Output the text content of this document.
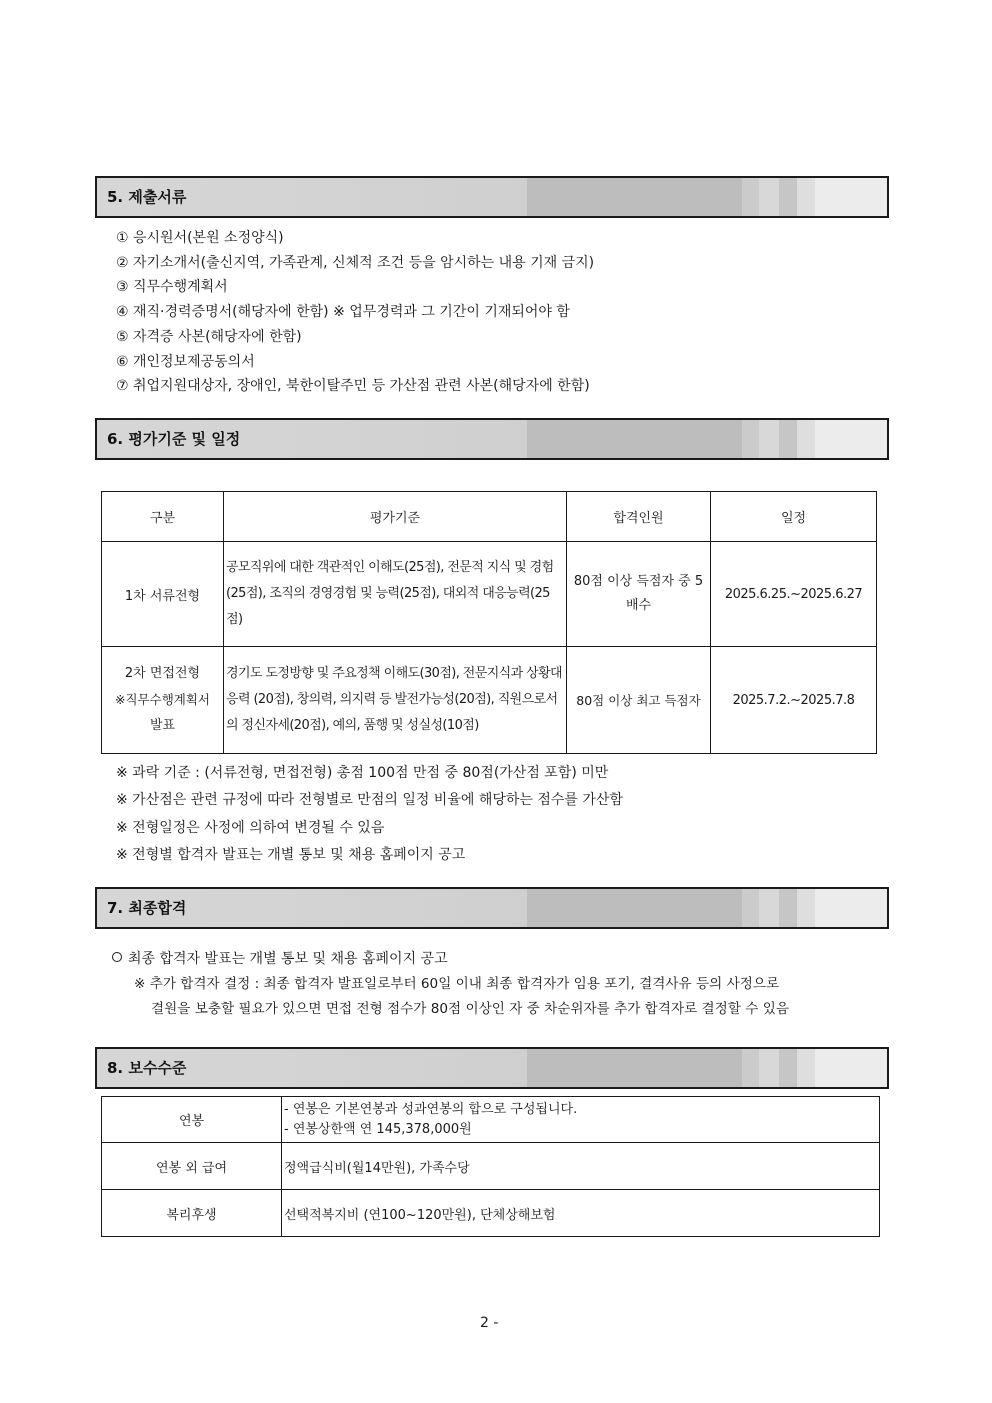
5. 제출서류
① 응시원서(본원 소정양식)
② 자기소개서(출신지역, 가족관계, 신체적 조건 등을 암시하는 내용 기재 금지)
③ 직무수행계획서
④ 재직·경력증명서(해당자에 한함) ※ 업무경력과 그 기간이 기재되어야 함
⑤ 자격증 사본(해당자에 한함)
⑥ 개인정보제공동의서
⑦ 취업지원대상자, 장애인, 북한이탈주민 등 가산점 관련 사본(해당자에 한함)
6. 평가기준 및 일정
구분	평가기준	합격인원	일정
1차 서류전형	공모직위에 대한 객관적인 이해도(25점), 전문적 지식 및 경험(25점), 조직의 경영경험 및 능력(25점), 대외적 대응능력(25점)	80점 이상 득점자 중 5배수	2025.6.25.~2025.6.27

2차 면접전형
※직무수행계획서
발표	경기도 도정방향 및 주요정책 이해도(30점), 전문지식과 상황대응력 (20점), 창의력, 의지력 등 발전가능성(20점), 직원으로서의 정신자세(20점), 예의, 품행 및 성실성(10점)	80점 이상 최고 득점자	2025.7.2.~2025.7.8
※ 과락 기준 : (서류전형, 면접전형) 총점 100점 만점 중 80점(가산점 포함) 미만
※ 가산점은 관련 규정에 따라 전형별로 만점의 일정 비율에 해당하는 점수를 가산함
※ 전형일정은 사정에 의하여 변경될 수 있음
※ 전형별 합격자 발표는 개별 통보 및 채용 홈페이지 공고
7. 최종합격
최종 합격자 발표는 개별 통보 및 채용 홈페이지 공고
※ 추가 합격자 결정 : 최종 합격자 발표일로부터 60일 이내 최종 합격자가 임용 포기, 결격사유 등의 사정으로
결원을 보충할 필요가 있으면 면접 전형 점수가 80점 이상인 자 중 차순위자를 추가 합격자로 결정할 수 있음
8. 보수수준
연봉	- 연봉은 기본연봉과 성과연봉의 합으로 구성됩니다.
- 연봉상한액 연 145,378,000원

연봉 외 급여	정액급식비(월14만원), 가족수당
복리후생	선택적복지비 (연100~120만원), 단체상해보험
2 -
